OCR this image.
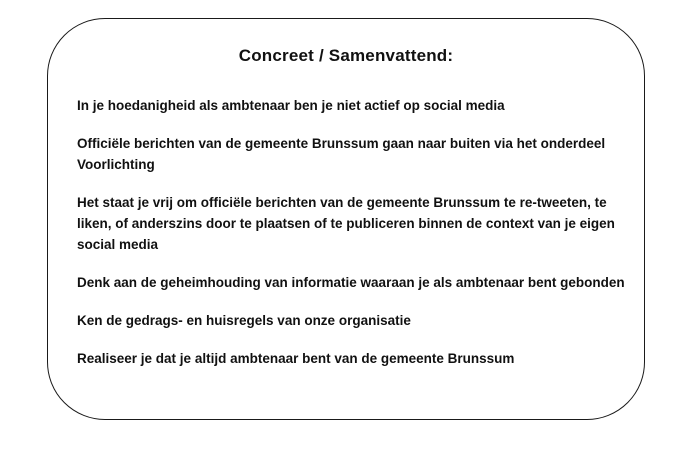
Concreet / Samenvattend:
In je hoedanigheid als ambtenaar ben je niet actief op social media
Officiële berichten van de gemeente Brunssum gaan naar buiten via het onderdeel Voorlichting
Het staat je vrij om officiële berichten van de gemeente Brunssum te re-tweeten, te liken, of anderszins door te plaatsen of te publiceren binnen de context van je eigen social media
Denk aan de geheimhouding van informatie waaraan je als ambtenaar bent gebonden
Ken de gedrags- en huisregels van onze organisatie
Realiseer je dat je altijd ambtenaar bent van de gemeente Brunssum
